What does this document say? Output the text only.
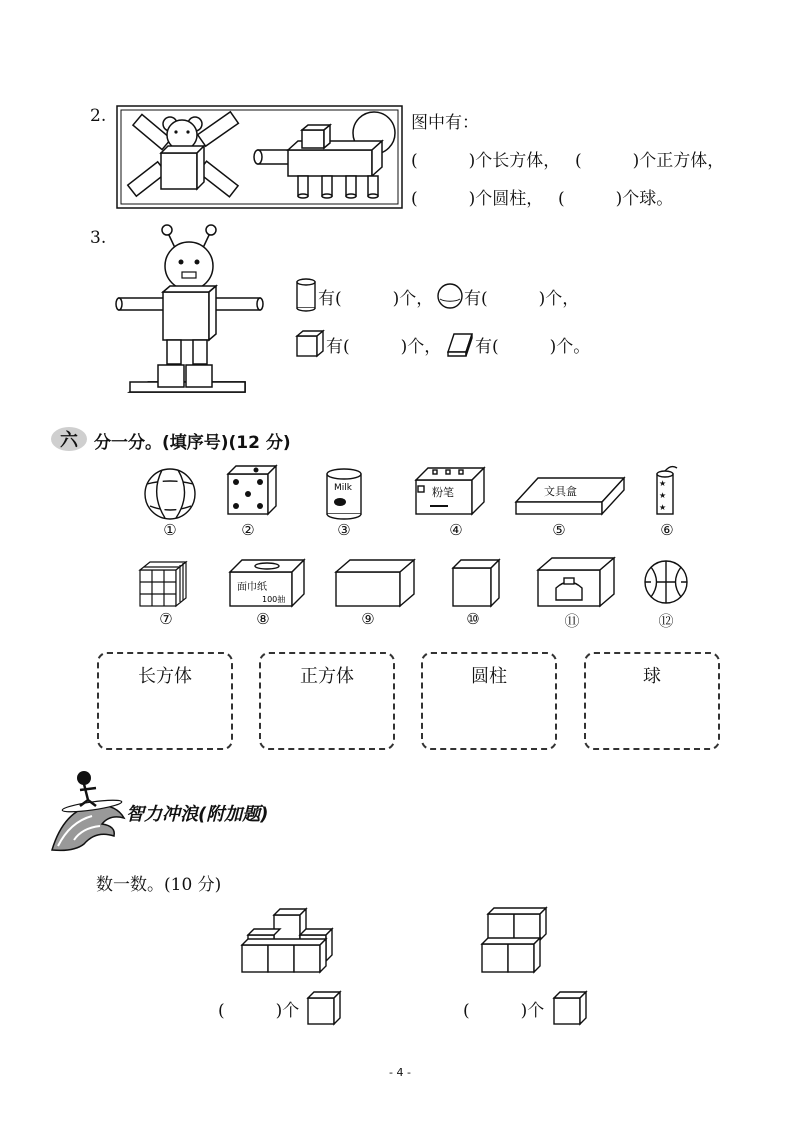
2.	图中有：
(　　　)个长方体， (　　　)个正方体，
(　　　)个圆柱， (　　　)个球。
3.
有(　　　)个， 有(　　　)个，
有(　　　)个， 有(　　　)个。
六 分一分。(填序号)(12 分)
Milk	粉笔	文具盒
★
★
★
面巾纸
100抽
①	②	③	④	⑤	⑥
⑦	⑧	⑨	⑩	⑪	⑫
长方体	正方体	圆柱	球
智力冲浪(附加题)
数一数。(10 分)
(　　　)个	(　　　)个
- 4 -
